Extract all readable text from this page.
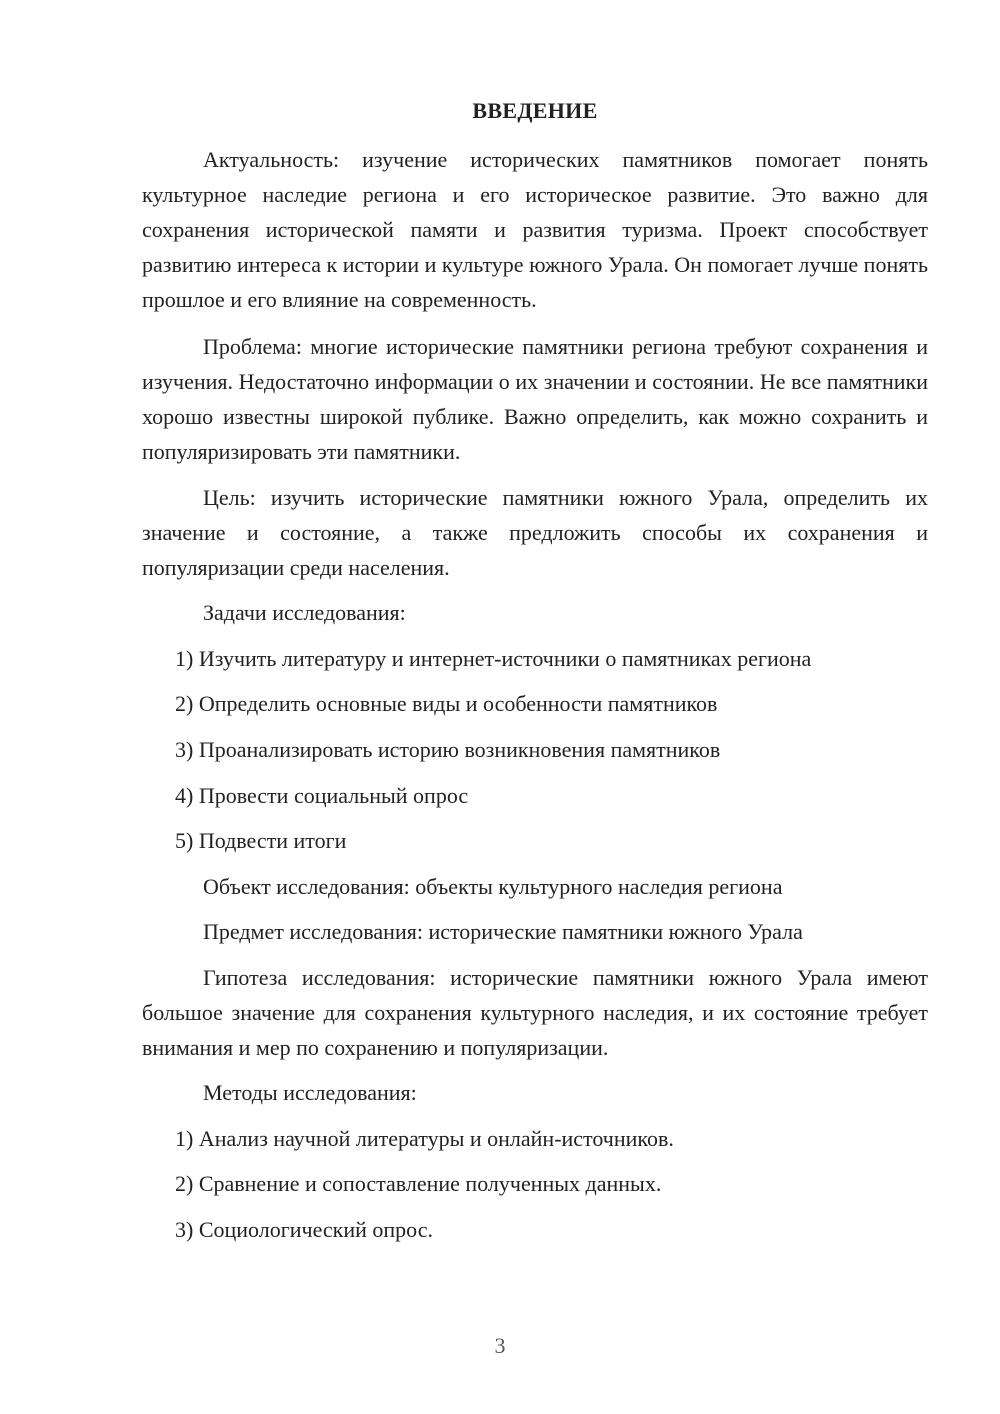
ВВЕДЕНИЕ

Актуальность: изучение исторических памятников помогает понять культурное наследие региона и его историческое развитие. Это важно для сохранения исторической памяти и развития туризма. Проект способствует развитию интереса к истории и культуре южного Урала. Он помогает лучше понять прошлое и его влияние на современность.

Проблема: многие исторические памятники региона требуют сохранения и изучения. Недостаточно информации о их значении и состоянии. Не все памятники хорошо известны широкой публике. Важно определить, как можно сохранить и популяризировать эти памятники.

Цель: изучить исторические памятники южного Урала, определить их значение и состояние, а также предложить способы их сохранения и популяризации среди населения.

Задачи исследования:

1) Изучить литературу и интернет-источники о памятниках региона

2) Определить основные виды и особенности памятников

3) Проанализировать историю возникновения памятников

4) Провести социальный опрос

5) Подвести итоги

Объект исследования: объекты культурного наследия региона

Предмет исследования: исторические памятники южного Урала

Гипотеза исследования: исторические памятники южного Урала имеют большое значение для сохранения культурного наследия, и их состояние требует внимания и мер по сохранению и популяризации.

Методы исследования:

1) Анализ научной литературы и онлайн-источников.

2) Сравнение и сопоставление полученных данных.

3) Социологический опрос.

3
